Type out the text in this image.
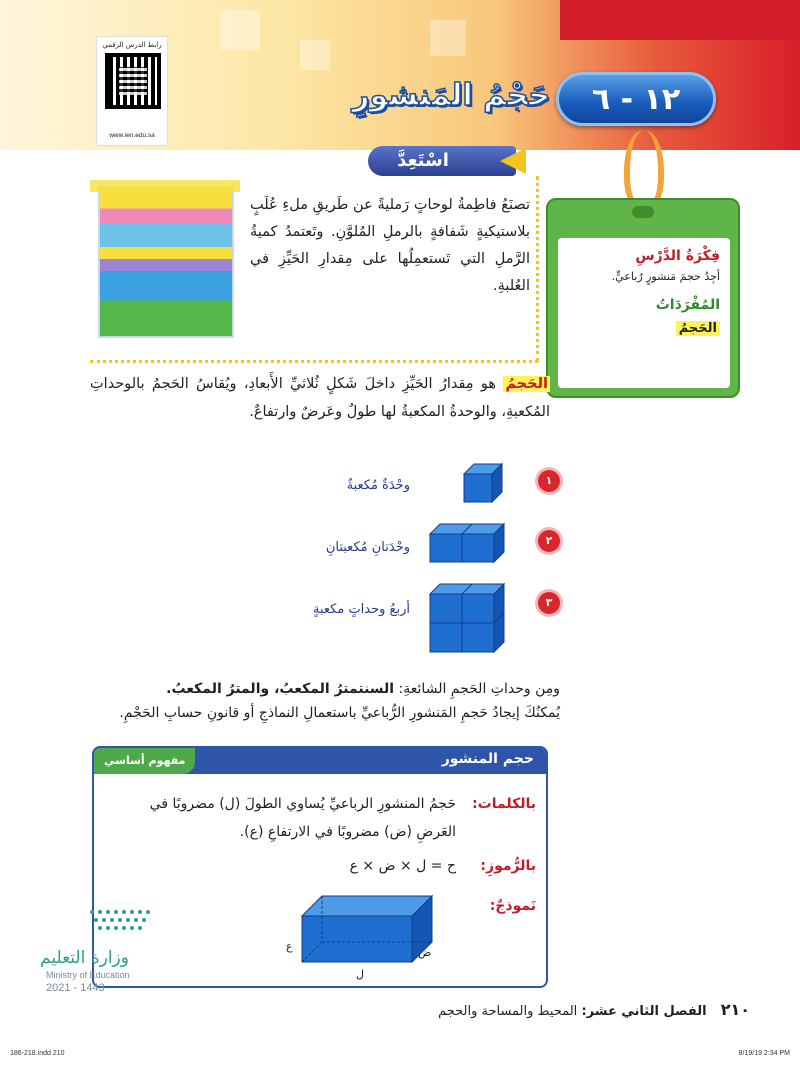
رابط الدرس الرقمي
www.ien.edu.sa
١٢ - ٦
حَجْمُ المَنشورِ
فِكْرَةُ الدَّرْسِ
أجِدُ حجمَ مَنشورٍ رُباعيٍّ.
المُفْرَدَاتُ
الحَجمُ
اسْتَعِدَّ
تصنَعُ فاطِمةُ لوحاتٍ رَمليةً عن طَريقِ ملءِ عُلَبٍ بلاستيكيةٍ شَفافةٍ بالرملِ المُلوَّنِ. وتَعتمدُ كميةُ الرَّملِ التي تَستعمِلُها على مِقدارِ الحَيِّزِ في العُلبةِ.
الحَجمُ هو مِقدارُ الحَيِّزِ داخلَ شَكلٍ ثُلاثيِّ الأَبعادِ، ويُقاسُ الحَجمُ بالوحداتِ المُكعبةِ، والوحدةُ المكعبةُ لها طولٌ وعَرضٌ وارتفاعٌ.
١
وحْدَةٌ مُكعبةٌ
٢
وحْدَتانِ مُكعبتانِ
٣
أربعُ وحداتٍ مكعبةٍ
ومِن وحداتِ الحَجمِ الشائعةِ: السنتمترُ المكعبُ، والمترُ المكعبُ.
يُمكنُكَ إيجادُ حَجمِ المَنشورِ الرُّباعيِّ باستعمالِ النماذجِ أو قانونِ حسابِ الحَجْمِ.
حجم المنشور
مفهوم أساسي
بالكلمات:
حَجمُ المنشورِ الرباعيِّ يُساوي الطولَ (ل) مضروبًا في العَرضِ (ض) مضروبًا في الارتفاعِ (ع).
بالرُّموزِ:
ح = ل × ض × ع
نَموذجٌ:
ع	ض
ل
وزارة التعليم
Ministry of Education
2021 - 1443
٢١٠ الفصل الثاني عشر: المحيط والمساحة والحجم
186-218.indd 210	8/19/19 2:34 PM
